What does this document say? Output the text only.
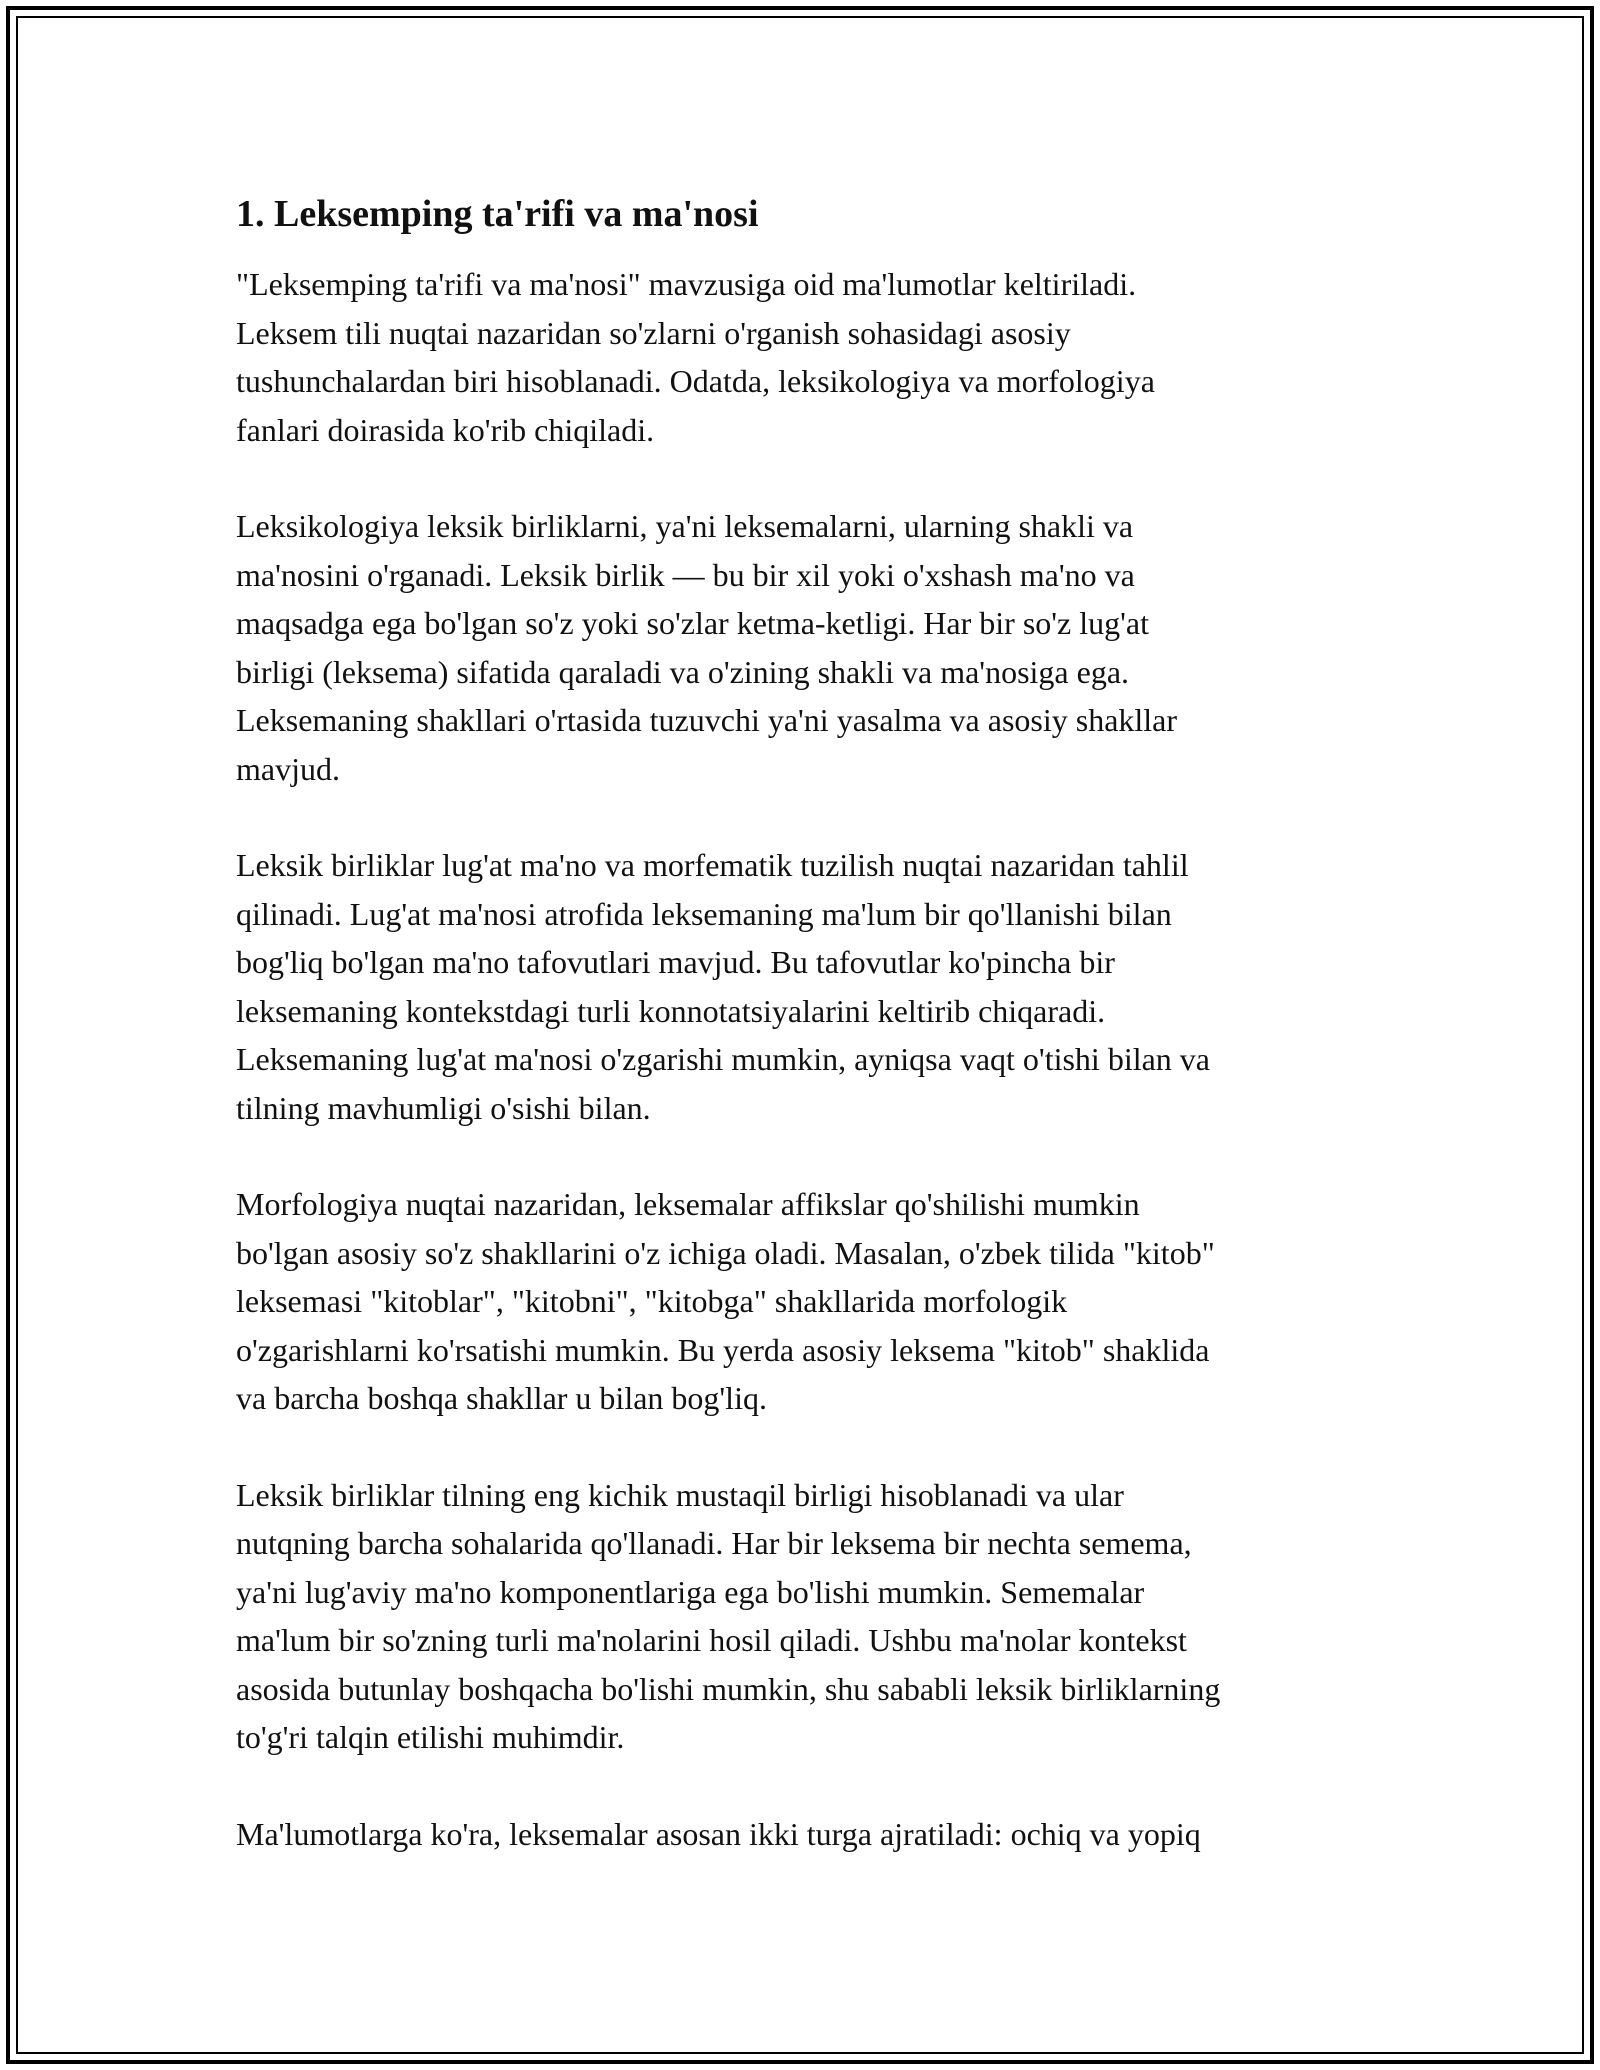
1. Leksemping ta'rifi va ma'nosi
"Leksemping ta'rifi va ma'nosi" mavzusiga oid ma'lumotlar keltiriladi.
Leksem tili nuqtai nazaridan so'zlarni o'rganish sohasidagi asosiy
tushunchalardan biri hisoblanadi. Odatda, leksikologiya va morfologiya
fanlari doirasida ko'rib chiqiladi.
Leksikologiya leksik birliklarni, ya'ni leksemalarni, ularning shakli va
ma'nosini o'rganadi. Leksik birlik — bu bir xil yoki o'xshash ma'no va
maqsadga ega bo'lgan so'z yoki so'zlar ketma-ketligi. Har bir so'z lug'at
birligi (leksema) sifatida qaraladi va o'zining shakli va ma'nosiga ega.
Leksemaning shakllari o'rtasida tuzuvchi ya'ni yasalma va asosiy shakllar
mavjud.
Leksik birliklar lug'at ma'no va morfematik tuzilish nuqtai nazaridan tahlil
qilinadi. Lug'at ma'nosi atrofida leksemaning ma'lum bir qo'llanishi bilan
bog'liq bo'lgan ma'no tafovutlari mavjud. Bu tafovutlar ko'pincha bir
leksemaning kontekstdagi turli konnotatsiyalarini keltirib chiqaradi.
Leksemaning lug'at ma'nosi o'zgarishi mumkin, ayniqsa vaqt o'tishi bilan va
tilning mavhumligi o'sishi bilan.
Morfologiya nuqtai nazaridan, leksemalar affikslar qo'shilishi mumkin
bo'lgan asosiy so'z shakllarini o'z ichiga oladi. Masalan, o'zbek tilida "kitob"
leksemasi "kitoblar", "kitobni", "kitobga" shakllarida morfologik
o'zgarishlarni ko'rsatishi mumkin. Bu yerda asosiy leksema "kitob" shaklida
va barcha boshqa shakllar u bilan bog'liq.
Leksik birliklar tilning eng kichik mustaqil birligi hisoblanadi va ular
nutqning barcha sohalarida qo'llanadi. Har bir leksema bir nechta semema,
ya'ni lug'aviy ma'no komponentlariga ega bo'lishi mumkin. Sememalar
ma'lum bir so'zning turli ma'nolarini hosil qiladi. Ushbu ma'nolar kontekst
asosida butunlay boshqacha bo'lishi mumkin, shu sababli leksik birliklarning
to'g'ri talqin etilishi muhimdir.
Ma'lumotlarga ko'ra, leksemalar asosan ikki turga ajratiladi: ochiq va yopiq
